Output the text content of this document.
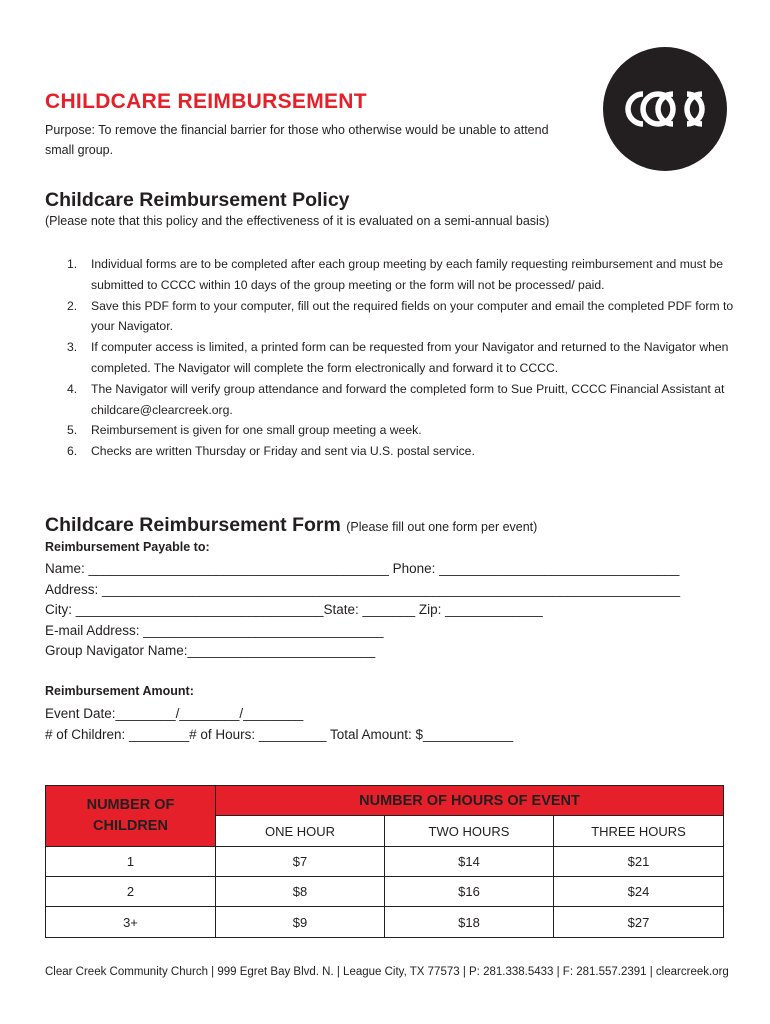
CHILDCARE REIMBURSEMENT
Purpose: To remove the financial barrier for those who otherwise would be unable to attend small group.
Childcare Reimbursement Policy
(Please note that this policy and the effectiveness of it is evaluated on a semi-annual basis)
1. Individual forms are to be completed after each group meeting by each family requesting reimbursement and must be submitted to CCCC within 10 days of the group meeting or the form will not be processed/ paid.
2. Save this PDF form to your computer, fill out the required fields on your computer and email the completed PDF form to your Navigator.
3. If computer access is limited, a printed form can be requested from your Navigator and returned to the Navigator when completed. The Navigator will complete the form electronically and forward it to CCCC.
4. The Navigator will verify group attendance and forward the completed form to Sue Pruitt, CCCC Financial Assistant at childcare@clearcreek.org.
5. Reimbursement is given for one small group meeting a week.
6. Checks are written Thursday or Friday and sent via U.S. postal service.
Childcare Reimbursement Form (Please fill out one form per event)
Reimbursement Payable to:
Name: ________________________________________ Phone: ________________________________
Address: _____________________________________________________________________________
City: _________________________________State: _______ Zip: _____________
E-mail Address: ________________________________
Group Navigator Name:_________________________
Reimbursement Amount:
Event Date:________/________/________
# of Children: ________# of Hours: _________ Total Amount: $____________
NUMBER OF CHILDREN	NUMBER OF HOURS OF EVENT		
	ONE HOUR	TWO HOURS	THREE HOURS
1	$7	$14	$21
2	$8	$16	$24
3+	$9	$18	$27
Clear Creek Community Church | 999 Egret Bay Blvd. N. | League City, TX 77573 | P: 281.338.5433 | F: 281.557.2391 | clearcreek.org
